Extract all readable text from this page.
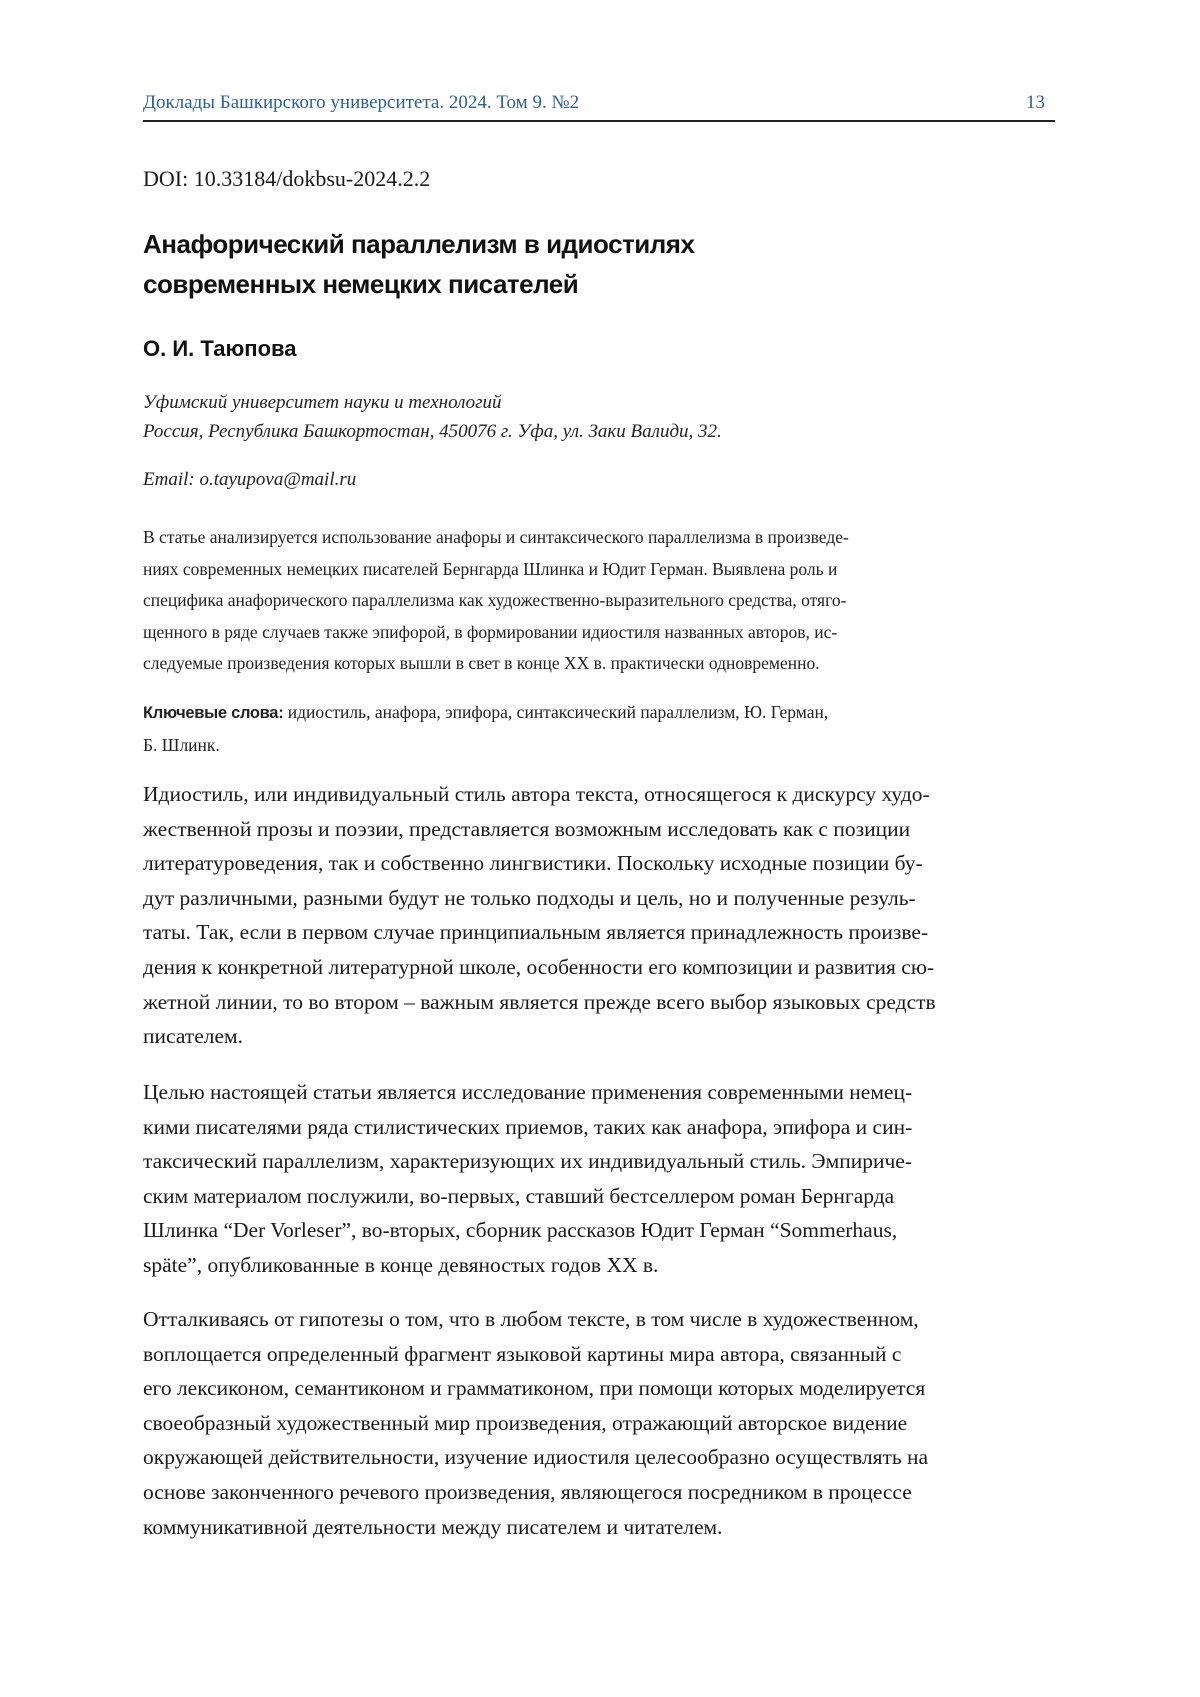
Доклады Башкирского университета. 2024. Том 9. №2	13
DOI: 10.33184/dokbsu-2024.2.2
Анафорический параллелизм в идиостилях
современных немецких писателей
О. И. Таюпова
Уфимский университет науки и технологий
Россия, Республика Башкортостан, 450076 г. Уфа, ул. Заки Валиди, 32.
Email: o.tayupova@mail.ru
В статье анализируется использование анафоры и синтаксического параллелизма в произведе-
ниях современных немецких писателей Бернгарда Шлинка и Юдит Герман. Выявлена роль и
специфика анафорического параллелизма как художественно-выразительного средства, отяго-
щенного в ряде случаев также эпифорой, в формировании идиостиля названных авторов, ис-
следуемые произведения которых вышли в свет в конце XX в. практически одновременно.
Ключевые слова: идиостиль, анафора, эпифора, синтаксический параллелизм, Ю. Герман,
Б. Шлинк.
Идиостиль, или индивидуальный стиль автора текста, относящегося к дискурсу худо-
жественной прозы и поэзии, представляется возможным исследовать как с позиции
литературоведения, так и собственно лингвистики. Поскольку исходные позиции бу-
дут различными, разными будут не только подходы и цель, но и полученные резуль-
таты. Так, если в первом случае принципиальным является принадлежность произве-
дения к конкретной литературной школе, особенности его композиции и развития сю-
жетной линии, то во втором – важным является прежде всего выбор языковых средств
писателем.
Целью настоящей статьи является исследование применения современными немец-
кими писателями ряда стилистических приемов, таких как анафора, эпифора и син-
таксический параллелизм, характеризующих их индивидуальный стиль. Эмпириче-
ским материалом послужили, во-первых, ставший бестселлером роман Бернгарда
Шлинка “Der Vorleser”, во-вторых, сборник рассказов Юдит Герман “Sommerhaus,
spӓte”, опубликованные в конце девяностых годов XX в.
Отталкиваясь от гипотезы о том, что в любом тексте, в том числе в художественном,
воплощается определенный фрагмент языковой картины мира автора, связанный с
его лексиконом, семантиконом и грамматиконом, при помощи которых моделируется
своеобразный художественный мир произведения, отражающий авторское видение
окружающей действительности, изучение идиостиля целесообразно осуществлять на
основе законченного речевого произведения, являющегося посредником в процессе
коммуникативной деятельности между писателем и читателем.
